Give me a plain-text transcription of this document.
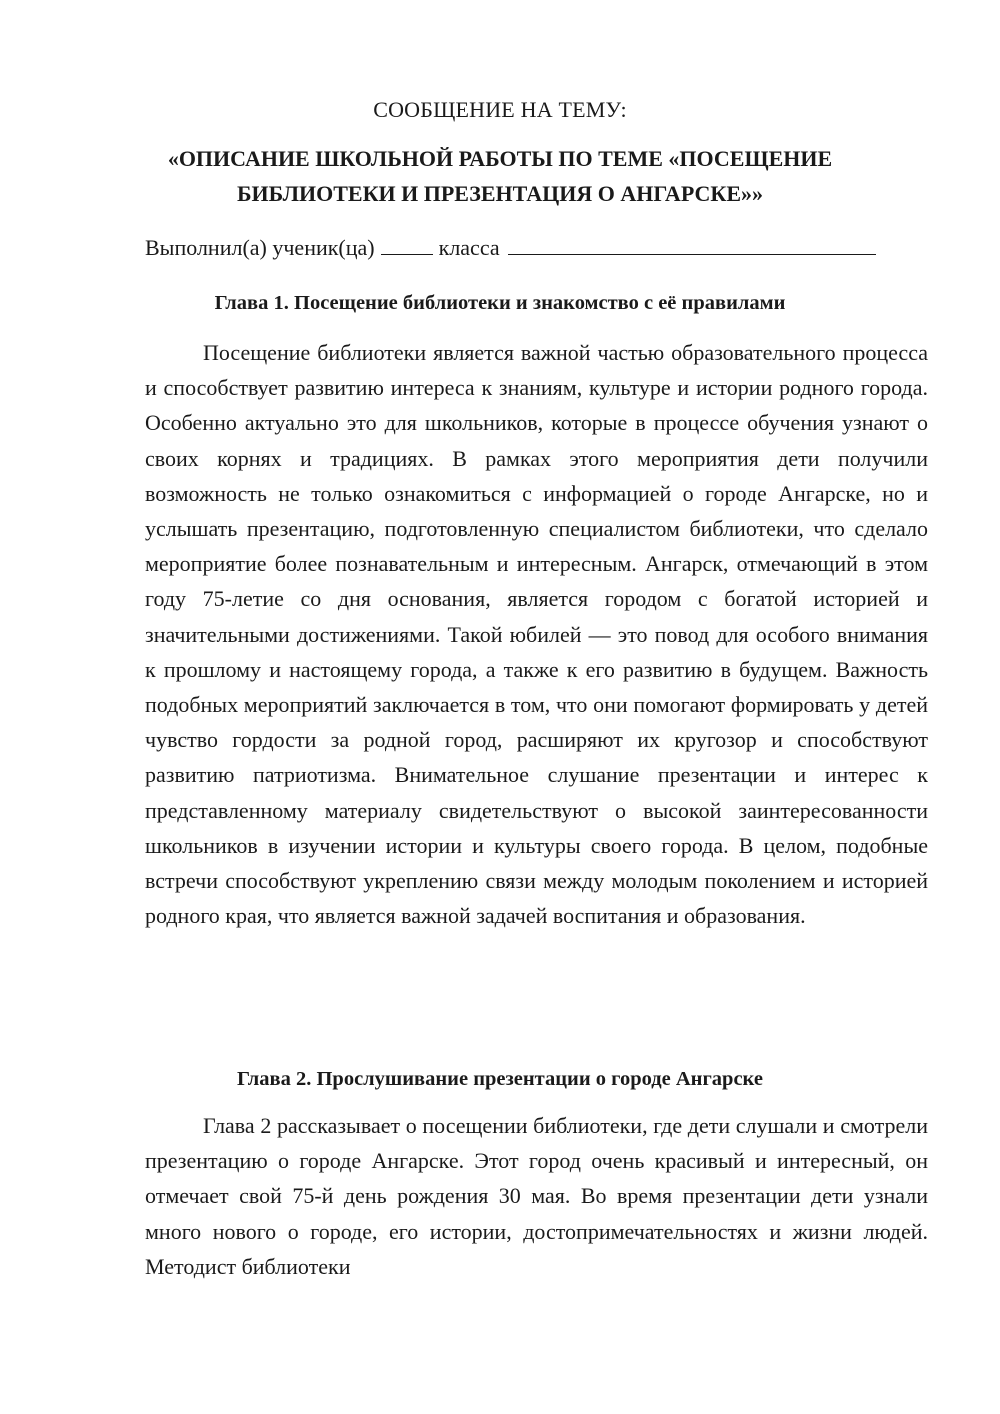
СООБЩЕНИЕ НА ТЕМУ:
«ОПИСАНИЕ ШКОЛЬНОЙ РАБОТЫ ПО ТЕМЕ «ПОСЕЩЕНИЕ
БИБЛИОТЕКИ И ПРЕЗЕНТАЦИЯ О АНГАРСКЕ»»
Выполнил(а) ученик(ца)	класса
Глава 1. Посещение библиотеки и знакомство с её правилами

Посещение библиотеки является важной частью образовательного процесса и способствует развитию интереса к знаниям, культуре и истории родного города. Особенно актуально это для школьников, которые в процессе обучения узнают о своих корнях и традициях. В рамках этого мероприятия дети получили возможность не только ознакомиться с информацией о городе Ангарске, но и услышать презентацию, подготовленную специалистом библиотеки, что сделало мероприятие более познавательным и интересным. Ангарск, отмечающий в этом году 75-летие со дня основания, является городом с богатой историей и значительными достижениями. Такой юбилей — это повод для особого внимания к прошлому и настоящему города, а также к его развитию в будущем. Важность подобных мероприятий заключается в том, что они помогают формировать у детей чувство гордости за родной город, расширяют их кругозор и способствуют развитию патриотизма. Внимательное слушание презентации и интерес к представленному материалу свидетельствуют о высокой заинтересованности школьников в изучении истории и культуры своего города. В целом, подобные встречи способствуют укреплению связи между молодым поколением и историей родного края, что является важной задачей воспитания и образования.

Глава 2. Прослушивание презентации о городе Ангарске

Глава 2 рассказывает о посещении библиотеки, где дети слушали и смотрели презентацию о городе Ангарске. Этот город очень красивый и интересный, он отмечает свой 75-й день рождения 30 мая. Во время презентации дети узнали много нового о городе, его истории, достопримечательностях и жизни людей. Методист библиотеки
